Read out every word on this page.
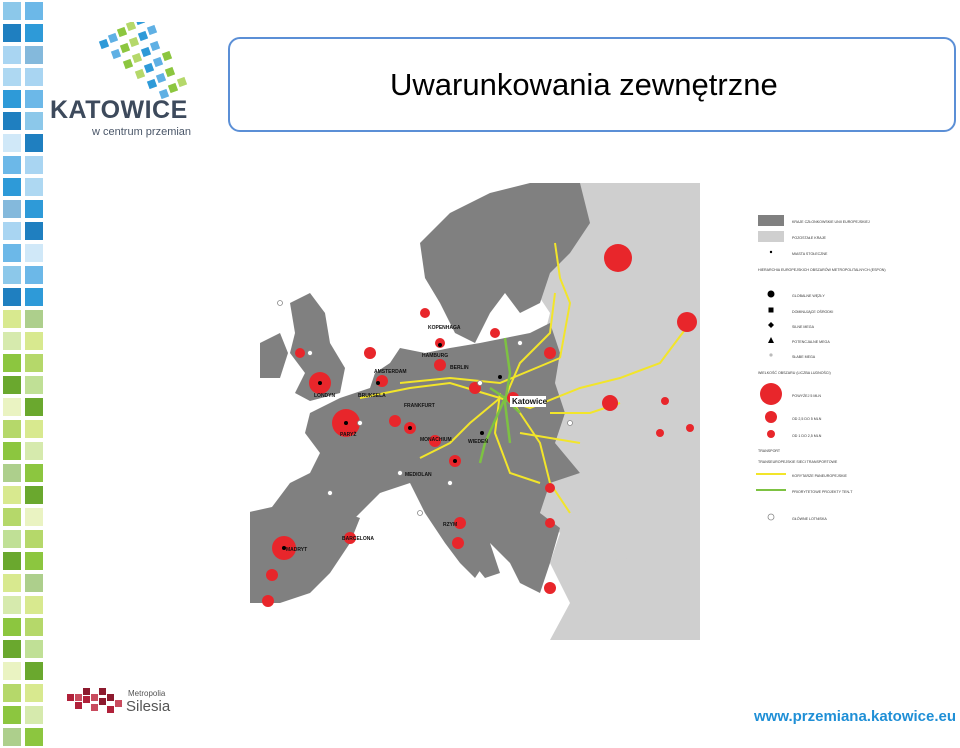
KATOWICE
w centrum przemian
Uwarunkowania zewnętrzne
LONDYN
PARYŻ
MADRYT
BARCELONA
AMSTERDAM
HAMBURG
BERLIN
Katowice
WIEDEŃ
MONACHIUM
KOPENHAGA
RZYM
MEDIOLAN
BRUKSELA
FRANKFURT
KRAJE CZŁONKOWSKIE UNII EUROPEJSKIEJ
POZOSTAŁE KRAJE
MIASTA STOŁECZNE
HIERARCHIA EUROPEJSKICH OBSZARÓW METROPOLITALNYCH (ESPON)
GLOBALNE WĘZŁY
DOMINUJĄCE OŚRODKI
SILNE MEGA
POTENCJALNE MEGA
SŁABE MEGA
WIELKOŚĆ OBSZARU (LICZBA LUDNOŚCI)
POWYŻEJ 5 MLN
OD 2,5 DO 5 MLN
OD 1 DO 2,5 MLN
TRANSPORT
TRANSEUROPEJSKIE SIECI TRANSPORTOWE
KORYTARZE PANEUROPEJSKIE
PRIORYTETOWE PROJEKTY TEN-T
GŁÓWNE LOTNISKA
Metropolia
Silesia
www.przemiana.katowice.eu
